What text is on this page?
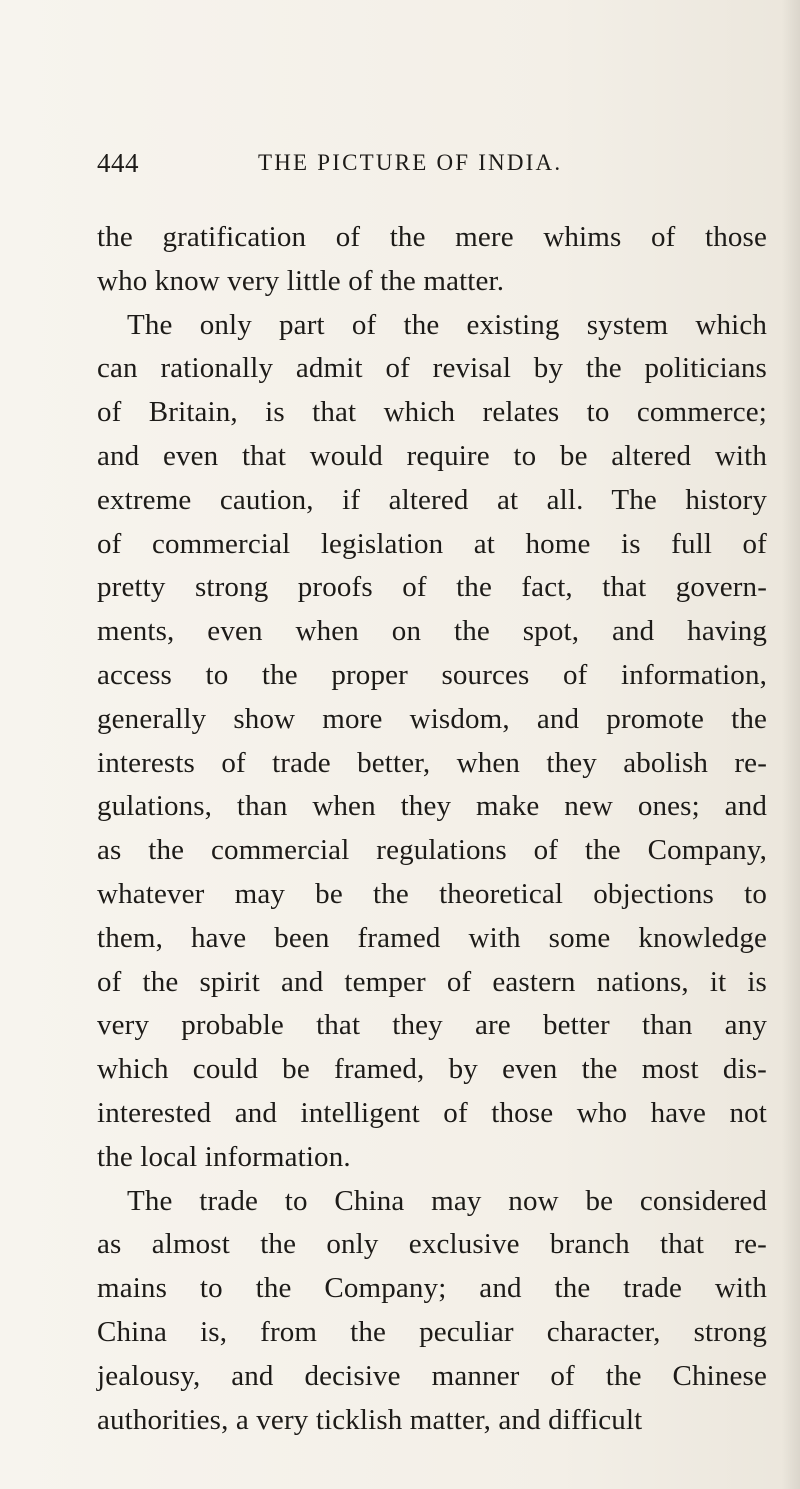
444	THE PICTURE OF INDIA.
the gratification of the mere whims of those
who know very little of the matter.
The only part of the existing system which
can rationally admit of revisal by the politicians
of Britain, is that which relates to commerce;
and even that would require to be altered with
extreme caution, if altered at all. The history
of commercial legislation at home is full of
pretty strong proofs of the fact, that govern-
ments, even when on the spot, and having
access to the proper sources of information,
generally show more wisdom, and promote the
interests of trade better, when they abolish re-
gulations, than when they make new ones; and
as the commercial regulations of the Company,
whatever may be the theoretical objections to
them, have been framed with some knowledge
of the spirit and temper of eastern nations, it is
very probable that they are better than any
which could be framed, by even the most dis-
interested and intelligent of those who have not
the local information.
The trade to China may now be considered
as almost the only exclusive branch that re-
mains to the Company; and the trade with
China is, from the peculiar character, strong
jealousy, and decisive manner of the Chinese
authorities, a very ticklish matter, and difficult
